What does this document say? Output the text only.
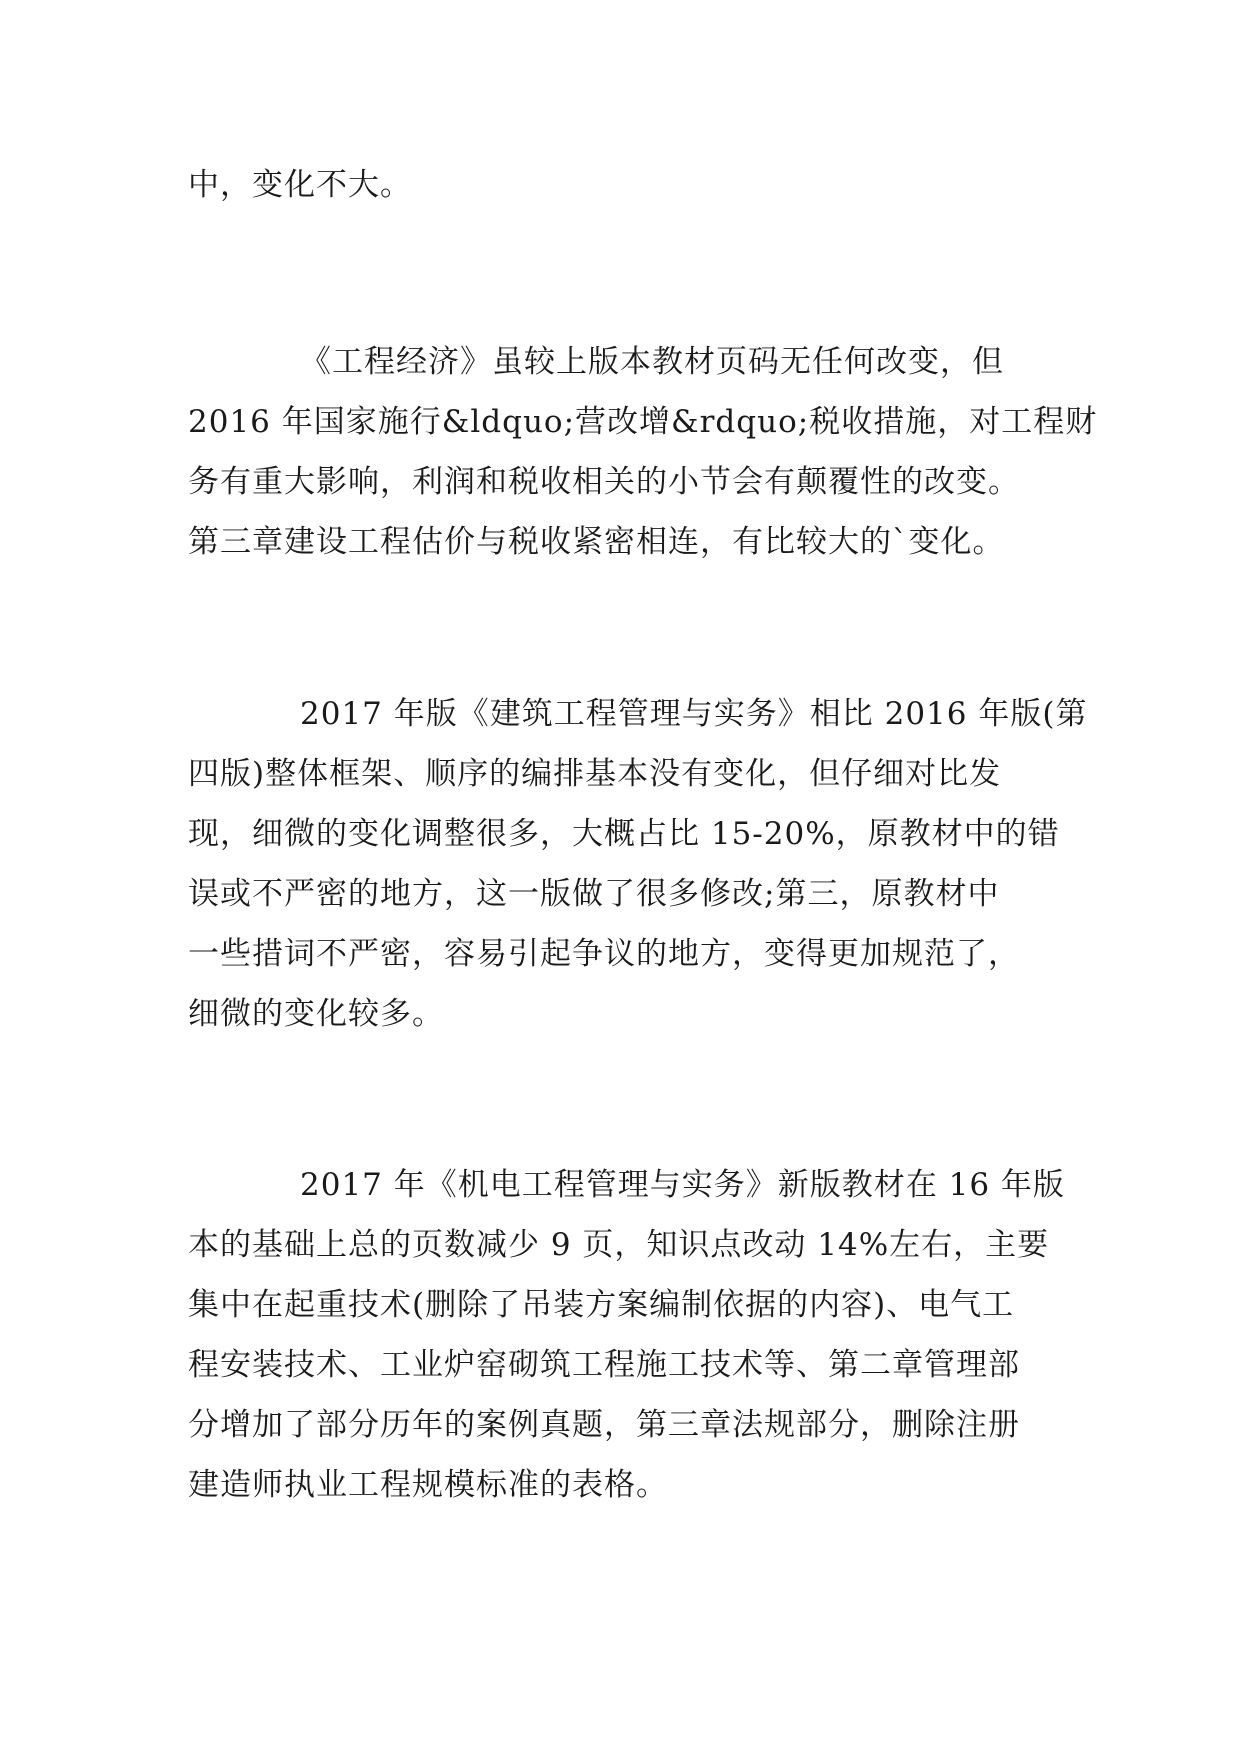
中，变化不大。

《工程经济》虽较上版本教材页码无任何改变，但
2016 年国家施行&ldquo;营改增&rdquo;税收措施，对工程财
务有重大影响，利润和税收相关的小节会有颠覆性的改变。
第三章建设工程估价与税收紧密相连，有比较大的`变化。

2017 年版《建筑工程管理与实务》相比 2016 年版(第
四版)整体框架、顺序的编排基本没有变化，但仔细对比发
现，细微的变化调整很多，大概占比 15-20%，原教材中的错
误或不严密的地方，这一版做了很多修改;第三，原教材中
一些措词不严密，容易引起争议的地方，变得更加规范了，
细微的变化较多。

2017 年《机电工程管理与实务》新版教材在 16 年版
本的基础上总的页数减少 9 页，知识点改动 14%左右，主要
集中在起重技术(删除了吊装方案编制依据的内容)、电气工
程安装技术、工业炉窑砌筑工程施工技术等、第二章管理部
分增加了部分历年的案例真题，第三章法规部分，删除注册
建造师执业工程规模标准的表格。
